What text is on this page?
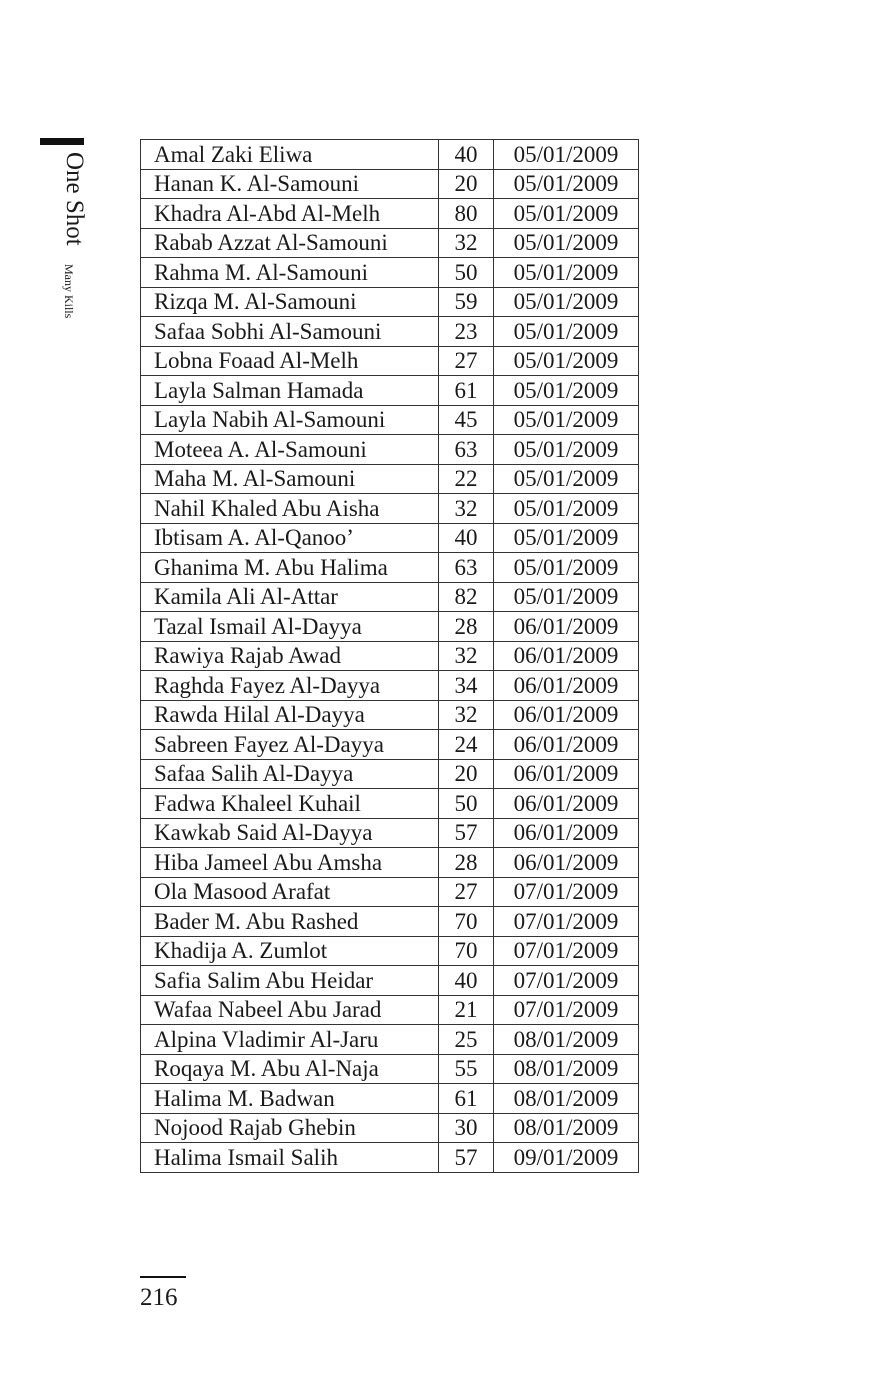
One Shot
Many Kills
Amal Zaki Eliwa	40	05/01/2009
Hanan K. Al-Samouni	20	05/01/2009
Khadra Al-Abd Al-Melh	80	05/01/2009
Rabab Azzat Al-Samouni	32	05/01/2009
Rahma M. Al-Samouni	50	05/01/2009
Rizqa M. Al-Samouni	59	05/01/2009
Safaa Sobhi Al-Samouni	23	05/01/2009
Lobna Foaad Al-Melh	27	05/01/2009
Layla Salman Hamada	61	05/01/2009
Layla Nabih Al-Samouni	45	05/01/2009
Moteea A. Al-Samouni	63	05/01/2009
Maha M. Al-Samouni	22	05/01/2009
Nahil Khaled Abu Aisha	32	05/01/2009
Ibtisam A. Al-Qanoo’	40	05/01/2009
Ghanima M. Abu Halima	63	05/01/2009
Kamila Ali Al-Attar	82	05/01/2009
Tazal Ismail Al-Dayya	28	06/01/2009
Rawiya Rajab Awad	32	06/01/2009
Raghda Fayez Al-Dayya	34	06/01/2009
Rawda Hilal Al-Dayya	32	06/01/2009
Sabreen Fayez Al-Dayya	24	06/01/2009
Safaa Salih Al-Dayya	20	06/01/2009
Fadwa Khaleel Kuhail	50	06/01/2009
Kawkab Said Al-Dayya	57	06/01/2009
Hiba Jameel Abu Amsha	28	06/01/2009
Ola Masood Arafat	27	07/01/2009
Bader M. Abu Rashed	70	07/01/2009
Khadija A. Zumlot	70	07/01/2009
Safia Salim Abu Heidar	40	07/01/2009
Wafaa Nabeel Abu Jarad	21	07/01/2009
Alpina Vladimir Al-Jaru	25	08/01/2009
Roqaya M. Abu Al-Naja	55	08/01/2009
Halima M. Badwan	61	08/01/2009
Nojood Rajab Ghebin	30	08/01/2009
Halima Ismail Salih	57	09/01/2009
216
